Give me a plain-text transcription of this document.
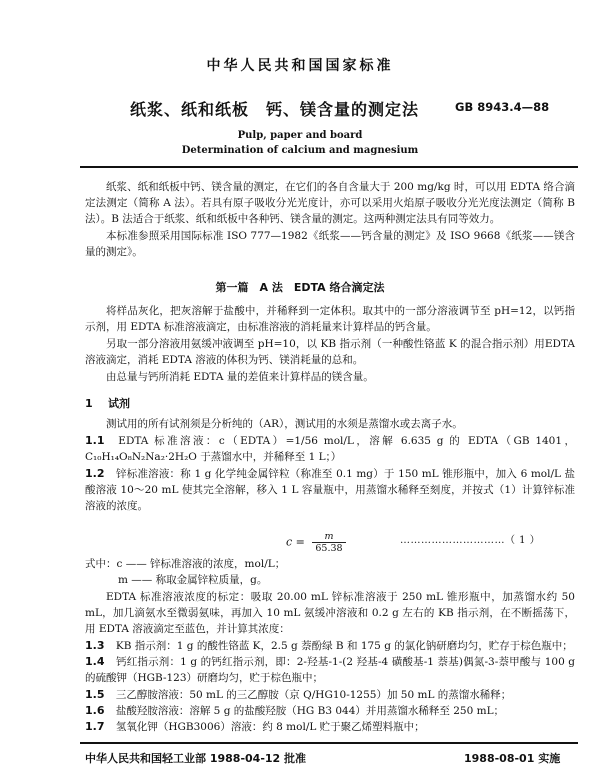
中华人民共和国国家标准
纸浆、纸和纸板　钙、镁含量的测定法	GB 8943.4—88
Pulp, paper and board
Determination of calcium and magnesium
纸浆、纸和纸板中钙、镁含量的测定，在它们的各自含量大于 200 mg/kg 时，可以用 EDTA 络合滴定法测定（简称 A 法）。若具有原子吸收分光光度计，亦可以采用火焰原子吸收分光光度法测定（简称 B 法）。B 法适合于纸浆、纸和纸板中各种钙、镁含量的测定。这两种测定法具有同等效力。
本标准参照采用国际标准 ISO 777—1982《纸浆——钙含量的测定》及 ISO 9668《纸浆——镁含量的测定》。
第一篇　A 法　EDTA 络合滴定法
将样品灰化，把灰溶解于盐酸中，并稀释到一定体积。取其中的一部分溶液调节至 pH=12，以钙指示剂，用 EDTA 标准溶液滴定，由标准溶液的消耗量来计算样品的钙含量。
另取一部分溶液用氨缓冲液调至 pH=10，以 KB 指示剂（一种酸性铬蓝 K 的混合指示剂）用EDTA 溶液滴定，消耗 EDTA 溶液的体积为钙、镁消耗量的总和。
由总量与钙所消耗 EDTA 量的差值来计算样品的镁含量。
1 试剂
测试用的所有试剂须是分析纯的（AR），测试用的水须是蒸馏水或去离子水。
1.1 EDTA 标准溶液：c（EDTA）=1/56 mol/L，溶解 6.635 g 的 EDTA（GB 1401，C₁₀H₁₄O₈N₂Na₂·2H₂O 于蒸馏水中，并稀释至 1 L；）
1.2 锌标准溶液：称 1 g 化学纯金属锌粒（称准至 0.1 mg）于 150 mL 锥形瓶中，加入 6 mol/L 盐酸溶液 10～20 mL 使其完全溶解，移入 1 L 容量瓶中，用蒸馏水稀释至刻度，并按式（1）计算锌标准溶液的浓度。
$c = \frac{m}{65.38}$	…………………………（ 1 ）
式中：c —— 锌标准溶液的浓度，mol/L；
m —— 称取金属锌粒质量，g。
EDTA 标准溶液浓度的标定：吸取 20.00 mL 锌标准溶液于 250 mL 锥形瓶中，加蒸馏水约 50 mL，加几滴氨水至微弱氨味，再加入 10 mL 氨缓冲溶液和 0.2 g 左右的 KB 指示剂，在不断摇荡下，用 EDTA 溶液滴定至蓝色，并计算其浓度：
1.3 KB 指示剂：1 g 的酸性铬蓝 K，2.5 g 萘酚绿 B 和 175 g 的氯化钠研磨均匀，贮存于棕色瓶中；
1.4 钙红指示剂：1 g 的钙红指示剂，即：2-羟基-1-(2 羟基-4 磺酸基-1 萘基)偶氮-3-萘甲酸与 100 g 的硫酸钾（HGB-123）研磨均匀，贮于棕色瓶中；
1.5 三乙醇胺溶液：50 mL 的三乙醇胺（京 Q/HG10-1255）加 50 mL 的蒸馏水稀释；
1.6 盐酸羟胺溶液：溶解 5 g 的盐酸羟胺（HG B3 044）并用蒸馏水稀释至 250 mL；
1.7 氢氧化钾（HGB3006）溶液：约 8 mol/L 贮于聚乙烯塑料瓶中；
中华人民共和国轻工业部 1988-04-12 批准	1988-08-01 实施
